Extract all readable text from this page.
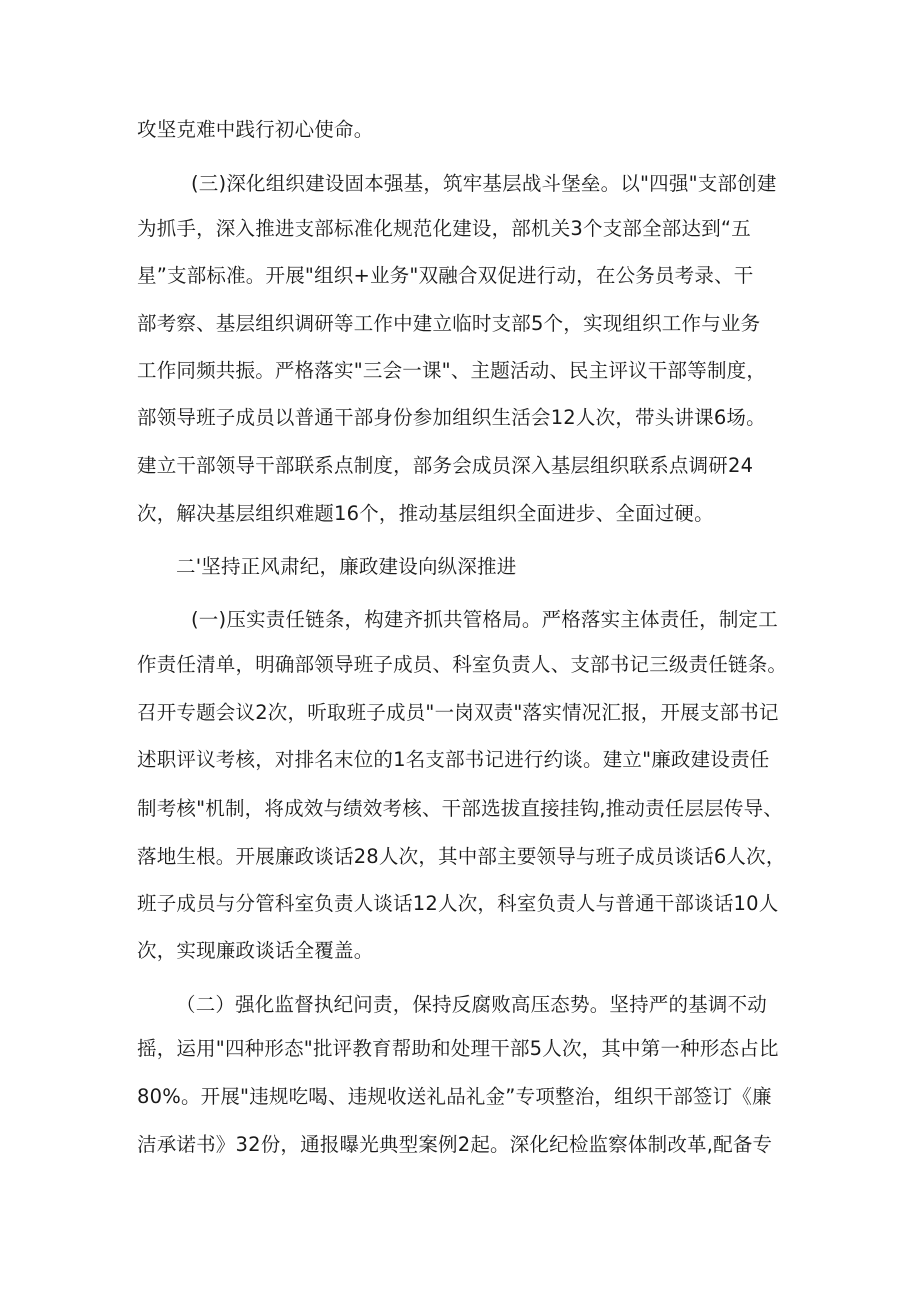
攻坚克难中践行初心使命。
(三)深化组织建设固本强基，筑牢基层战斗堡垒。以"四强"支部创建
为抓手，深入推进支部标准化规范化建设，部机关3个支部全部达到“五
星”支部标准。开展"组织+业务"双融合双促进行动，在公务员考录、干
部考察、基层组织调研等工作中建立临时支部5个，实现组织工作与业务
工作同频共振。严格落实"三会一课"、主题活动、民主评议干部等制度，
部领导班子成员以普通干部身份参加组织生活会12人次，带头讲课6场。
建立干部领导干部联系点制度，部务会成员深入基层组织联系点调研24
次，解决基层组织难题16个，推动基层组织全面进步、全面过硬。
二'坚持正风肃纪，廉政建设向纵深推进
(一)压实责任链条，构建齐抓共管格局。严格落实主体责任，制定工
作责任清单，明确部领导班子成员、科室负责人、支部书记三级责任链条。
召开专题会议2次，听取班子成员"一岗双责"落实情况汇报，开展支部书记
述职评议考核，对排名末位的1名支部书记进行约谈。建立"廉政建设责任
制考核"机制，将成效与绩效考核、干部选拔直接挂钩,推动责任层层传导、
落地生根。开展廉政谈话28人次，其中部主要领导与班子成员谈话6人次，
班子成员与分管科室负责人谈话12人次，科室负责人与普通干部谈话10人
次，实现廉政谈话全覆盖。
（二）强化监督执纪问责，保持反腐败高压态势。坚持严的基调不动
摇，运用"四种形态"批评教育帮助和处理干部5人次，其中第一种形态占比
80%。开展"违规吃喝、违规收送礼品礼金”专项整治，组织干部签订《廉
洁承诺书》32份，通报曝光典型案例2起。深化纪检监察体制改革,配备专
